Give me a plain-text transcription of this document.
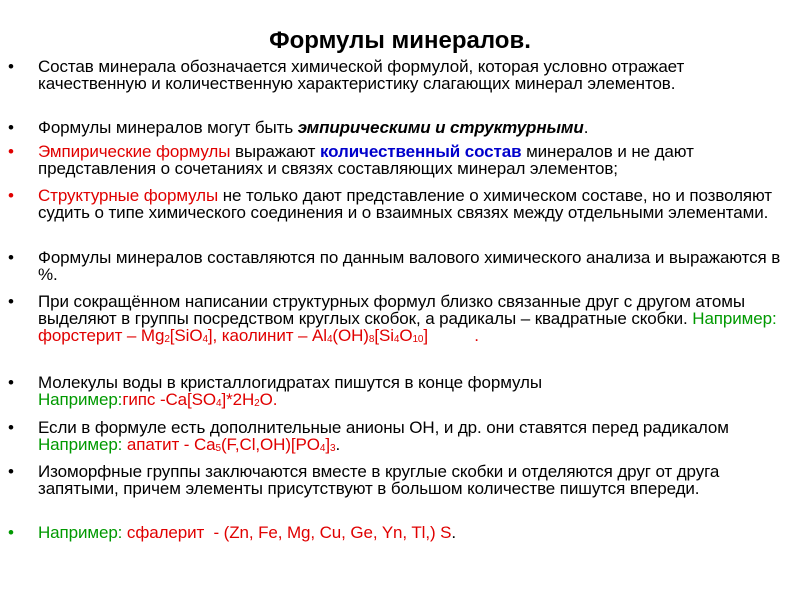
Формулы минералов.
• Состав минерала обозначается химической формулой, которая условно отражает качественную и количественную характеристику слагающих минерал элементов.
• Формулы минералов могут быть эмпирическими и структурными.
• Эмпирические формулы выражают количественный состав минералов и не дают представления о сочетаниях и связях составляющих минерал элементов;
• Структурные формулы не только дают представление о химическом составе, но и позволяют судить о типе химического соединения и о взаимных связях между отдельными элементами.
• Формулы минералов составляются по данным валового химического анализа и выражаются в %.
• При сокращённом написании структурных формул близко связанные друг с другом атомы выделяют в группы посредством круглых скобок, а радикалы – квадратные скобки. Например: форстерит – $Mg_2[SiO_4]$, каолинит – $Al_4(OH)_8[Si_4O_{10}]$          .
• Молекулы воды в кристаллогидратах пишутся в конце формулы
Например:гипс $-Ca[SO_4]*2H_2O$.
• Если в формуле есть дополнительные анионы ОН, и др. они ставятся перед радикалом Например: апатит - $Ca_5(F,Cl,OH)[PO_4]_3$.
• Изоморфные группы заключаются вместе в круглые скобки и отделяются друг от друга запятыми, причем элементы присутствуют в большом количестве пишутся впереди.
• Например: сфалерит  - (Zn, Fe, Mg, Cu, Ge, Yn, Tl,) S.
